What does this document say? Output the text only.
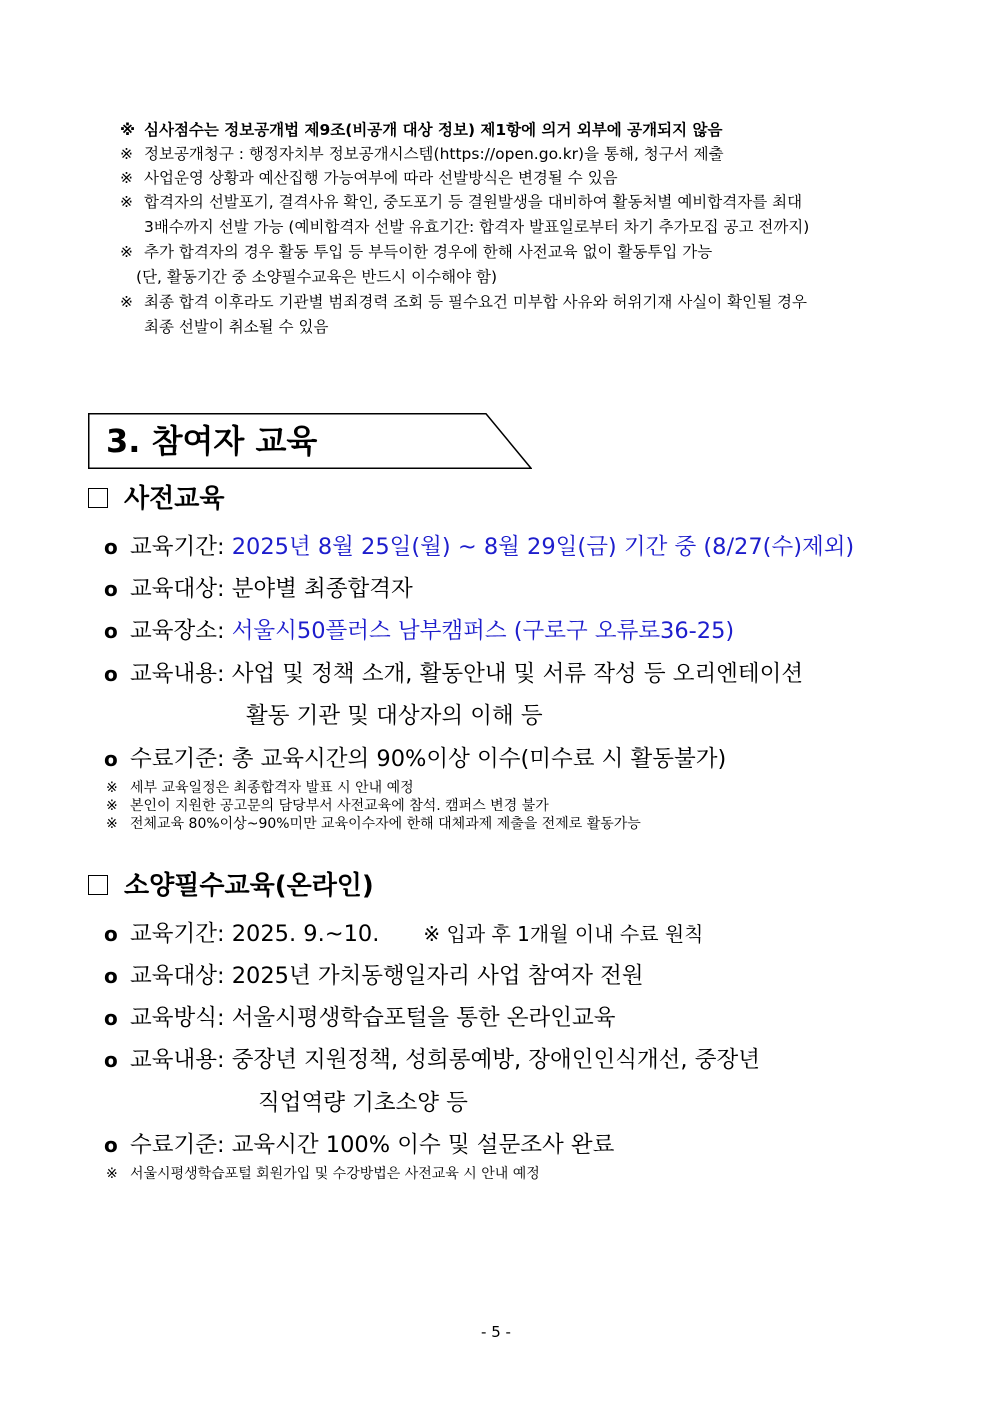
※ 심사점수는 정보공개법 제9조(비공개 대상 정보) 제1항에 의거 외부에 공개되지 않음
※ 정보공개청구 : 행정자치부 정보공개시스템(https://open.go.kr)을 통해, 청구서 제출
※ 사업운영 상황과 예산집행 가능여부에 따라 선발방식은 변경될 수 있음
※ 합격자의 선발포기, 결격사유 확인, 중도포기 등 결원발생을 대비하여 활동처별 예비합격자를 최대
3배수까지 선발 가능 (예비합격자 선발 유효기간: 합격자 발표일로부터 차기 추가모집 공고 전까지)
※ 추가 합격자의 경우 활동 투입 등 부득이한 경우에 한해 사전교육 없이 활동투입 가능
(단, 활동기간 중 소양필수교육은 반드시 이수해야 함)
※ 최종 합격 이후라도 기관별 범죄경력 조회 등 필수요건 미부합 사유와 허위기재 사실이 확인될 경우
최종 선발이 취소될 수 있음
3. 참여자 교육
사전교육
o 교육기간: 2025년 8월 25일(월) ~ 8월 29일(금) 기간 중 (8/27(수)제외)
o 교육대상: 분야별 최종합격자
o 교육장소: 서울시50플러스 남부캠퍼스 (구로구 오류로36-25)
o 교육내용: 사업 및 정책 소개, 활동안내 및 서류 작성 등 오리엔테이션
활동 기관 및 대상자의 이해 등
o 수료기준: 총 교육시간의 90%이상 이수(미수료 시 활동불가)
※ 세부 교육일정은 최종합격자 발표 시 안내 예정
※ 본인이 지원한 공고문의 담당부서 사전교육에 참석. 캠퍼스 변경 불가
※ 전체교육 80%이상~90%미만 교육이수자에 한해 대체과제 제출을 전제로 활동가능
소양필수교육(온라인)
o 교육기간: 2025. 9.~10. ※ 입과 후 1개월 이내 수료 원칙
o 교육대상: 2025년 가치동행일자리 사업 참여자 전원
o 교육방식: 서울시평생학습포털을 통한 온라인교육
o 교육내용: 중장년 지원정책, 성희롱예방, 장애인인식개선, 중장년
직업역량 기초소양 등
o 수료기준: 교육시간 100% 이수 및 설문조사 완료
※ 서울시평생학습포털 회원가입 및 수강방법은 사전교육 시 안내 예정
- 5 -
